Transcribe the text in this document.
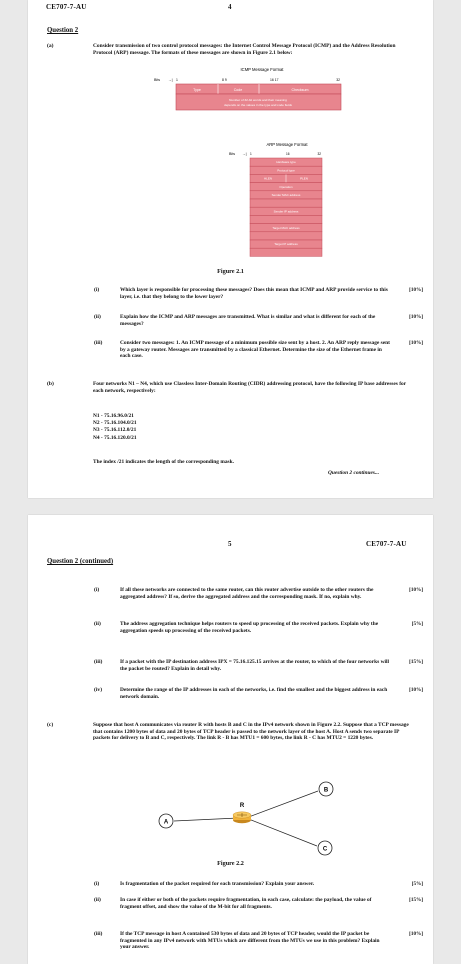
CE707-7-AU	4
Question 2
(a)	Consider transmission of two control protocol messages: the Internet Control Message Protocol (ICMP) and the Address Resolution Protocol (ARP) message. The formats of these messages are shown in Figure 2.1 below:
ICMP Message Format
Bits →| 1	8 9	16 17	32
Type	Code	Checksum
Number of 32-bit words and their meaning
depends on the values in the type and code fields
ARP Message Format
Bits →| 1	16	32
Hardware type
Protocol type
HLEN	PLEN
Operation
Sender MAC address
Sender IP address
Target MAC address
Target IP address
Figure 2.1
(i)	Which layer is responsible for processing these messages? Does this mean that ICMP and ARP provide service to this layer, i.e. that they belong to the lower layer?
[10%]
(ii)	Explain how the ICMP and ARP messages are transmitted. What is similar and what is different for each of the messages?
[10%]
(iii)	Consider two messages: 1. An ICMP message of a minimum possible size sent by a host. 2. An ARP reply message sent by a gateway router. Messages are transmitted by a classical Ethernet. Determine the size of the Ethernet frame in each case.
[10%]
(b)	Four networks N1 – N4, which use Classless Inter-Domain Routing (CIDR) addressing protocol, have the following IP base addresses for each network, respectively:
N1 - 75.16.96.0/21
N2 - 75.16.104.0/21
N3 - 75.16.112.0/21
N4 - 75.16.120.0/21
The index /21 indicates the length of the corresponding mask.
Question 2 continues...
5	CE707-7-AU
Question 2 (continued)
(i)	If all these networks are connected to the same router, can this router advertise outside to the other routers the aggregated address? If so, derive the aggregated address and the corresponding mask. If no, explain why.
[10%]
(ii)	The address aggregation technique helps routers to speed up processing of the received packets. Explain why the aggregation speeds up processing of the received packets.
[5%]
(iii)	If a packet with the IP destination address IPX = 75.16.125.15 arrives at the router, to which of the four networks will the packet be routed? Explain in detail why.
[15%]
(iv)	Determine the range of the IP addresses in each of the networks, i.e. find the smallest and the biggest address in each network domain.
[10%]
(c)	Suppose that host A communicates via router R with hosts B and C in the IPv4 network shown in Figure 2.2. Suppose that a TCP message that contains 1200 bytes of data and 20 bytes of TCP header is passed to the network layer of the host A. Host A sends two separate IP packets for delivery to B and C, respectively. The link R - B has MTU1 = 600 bytes, the link R - C has MTU2 = 1220 bytes.
A
B
C
R
Figure 2.2
(i)	Is fragmentation of the packet required for each transmission? Explain your answer.	[5%]
(ii)	In case if either or both of the packets require fragmentation, in each case, calculate: the payload, the value of fragment offset, and show the value of the M-bit for all fragments.
[15%]
(iii)	If the TCP message in host A contained 530 bytes of data and 20 bytes of TCP header, would the IP packet be fragmented in any IPv4 network with MTUs which are different from the MTUs we use in this problem? Explain your answer.
[10%]
